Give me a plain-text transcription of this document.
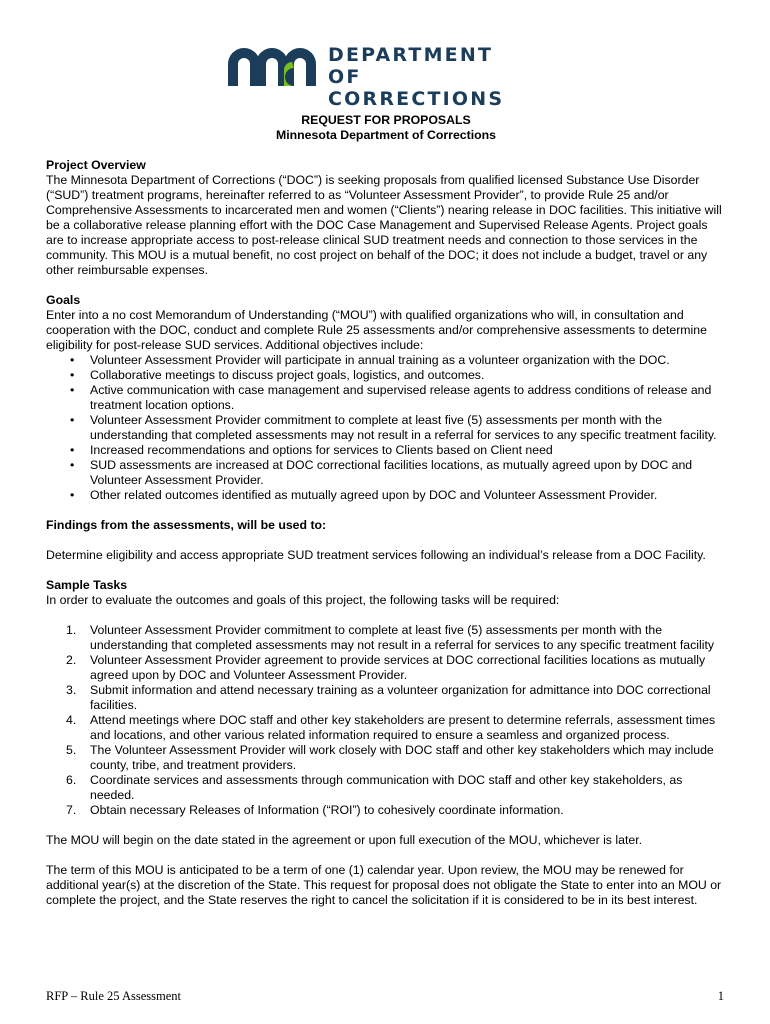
DEPARTMENT
OF CORRECTIONS

REQUEST FOR PROPOSALS

Minnesota Department of Corrections

Project Overview

The Minnesota Department of Corrections (“DOC”) is seeking proposals from qualified licensed Substance Use Disorder (“SUD”) treatment programs, hereinafter referred to as “Volunteer Assessment Provider”, to provide Rule 25 and/or Comprehensive Assessments to incarcerated men and women (“Clients”) nearing release in DOC facilities. This initiative will be a collaborative release planning effort with the DOC Case Management and Supervised Release Agents. Project goals are to increase appropriate access to post-release clinical SUD treatment needs and connection to those services in the community. This MOU is a mutual benefit, no cost project on behalf of the DOC; it does not include a budget, travel or any other reimbursable expenses.

Goals

Enter into a no cost Memorandum of Understanding (“MOU”) with qualified organizations who will, in consultation and cooperation with the DOC, conduct and complete Rule 25 assessments and/or comprehensive assessments to determine eligibility for post-release SUD services. Additional objectives include:

• Volunteer Assessment Provider will participate in annual training as a volunteer organization with the DOC.
• Collaborative meetings to discuss project goals, logistics, and outcomes.
• Active communication with case management and supervised release agents to address conditions of release and treatment location options.
• Volunteer Assessment Provider commitment to complete at least five (5) assessments per month with the understanding that completed assessments may not result in a referral for services to any specific treatment facility.
• Increased recommendations and options for services to Clients based on Client need
• SUD assessments are increased at DOC correctional facilities locations, as mutually agreed upon by DOC and Volunteer Assessment Provider.
• Other related outcomes identified as mutually agreed upon by DOC and Volunteer Assessment Provider.

Findings from the assessments, will be used to:

Determine eligibility and access appropriate SUD treatment services following an individual’s release from a DOC Facility.

Sample Tasks

In order to evaluate the outcomes and goals of this project, the following tasks will be required:

1. Volunteer Assessment Provider commitment to complete at least five (5) assessments per month with the understanding that completed assessments may not result in a referral for services to any specific treatment facility
2. Volunteer Assessment Provider agreement to provide services at DOC correctional facilities locations as mutually agreed upon by DOC and Volunteer Assessment Provider.
3. Submit information and attend necessary training as a volunteer organization for admittance into DOC correctional facilities.
4. Attend meetings where DOC staff and other key stakeholders are present to determine referrals, assessment times and locations, and other various related information required to ensure a seamless and organized process.
5. The Volunteer Assessment Provider will work closely with DOC staff and other key stakeholders which may include county, tribe, and treatment providers.
6. Coordinate services and assessments through communication with DOC staff and other key stakeholders, as needed.
7. Obtain necessary Releases of Information (“ROI”) to cohesively coordinate information.

The MOU will begin on the date stated in the agreement or upon full execution of the MOU, whichever is later.

The term of this MOU is anticipated to be a term of one (1) calendar year. Upon review, the MOU may be renewed for additional year(s) at the discretion of the State. This request for proposal does not obligate the State to enter into an MOU or complete the project, and the State reserves the right to cancel the solicitation if it is considered to be in its best interest.

RFP – Rule 25 Assessment	1
